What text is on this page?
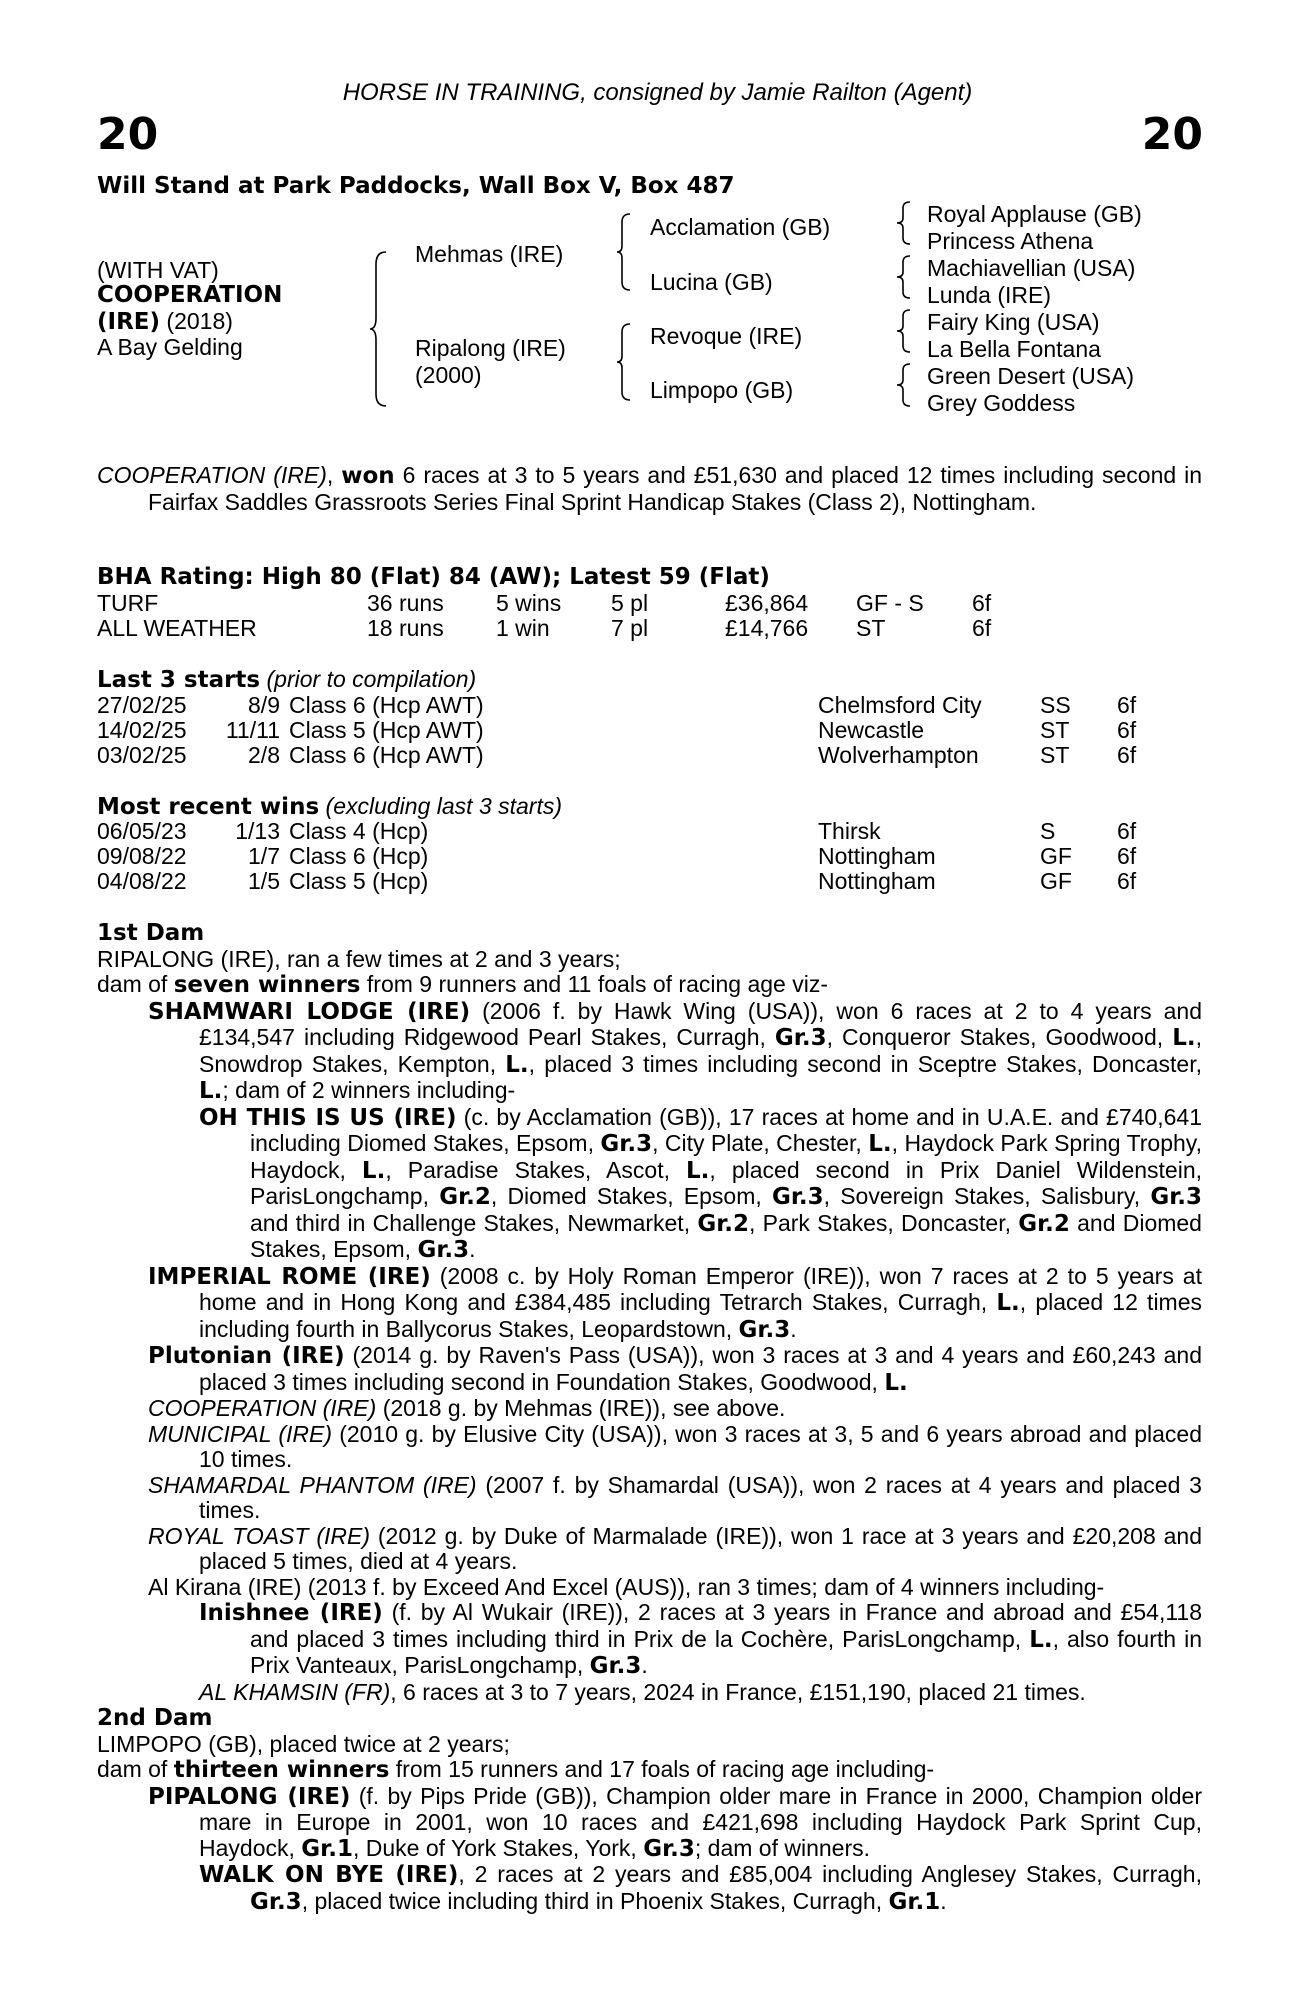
HORSE IN TRAINING, consigned by Jamie Railton (Agent)
20	20
Will Stand at Park Paddocks, Wall Box V, Box 487
(WITH VAT)
COOPERATION
(IRE) (2018)
A Bay Gelding
Mehmas (IRE)
Ripalong (IRE)
(2000)
Acclamation (GB)
Lucina (GB)
Revoque (IRE)
Limpopo (GB)
Royal Applause (GB)
Princess Athena
Machiavellian (USA)
Lunda (IRE)
Fairy King (USA)
La Bella Fontana
Green Desert (USA)
Grey Goddess

COOPERATION (IRE), won 6 races at 3 to 5 years and £51,630 and placed 12 times including second in Fairfax Saddles Grassroots Series Final Sprint Handicap Stakes (Class 2), Nottingham.

BHA Rating: High 80 (Flat) 84 (AW); Latest 59 (Flat)
TURF	36 runs 5 wins 5 pl	£36,864 GF - S 6f
ALL WEATHER	18 runs 1 win	7 pl	£14,766 ST	6f
Last 3 starts (prior to compilation)
27/02/25	8/9 Class 6 (Hcp AWT)	Chelmsford City	SS 6f
14/02/25 11/11 Class 5 (Hcp AWT)	Newcastle	ST 6f
03/02/25	2/8 Class 6 (Hcp AWT)	Wolverhampton	ST 6f
Most recent wins (excluding last 3 starts)
06/05/23 1/13 Class 4 (Hcp)	Thirsk	S	6f
09/08/22	1/7 Class 6 (Hcp)	Nottingham	GF 6f
04/08/22	1/5 Class 5 (Hcp)	Nottingham	GF 6f

1st Dam

RIPALONG (IRE), ran a few times at 2 and 3 years;

dam of seven winners from 9 runners and 11 foals of racing age viz-

SHAMWARI LODGE (IRE) (2006 f. by Hawk Wing (USA)), won 6 races at 2 to 4 years and £134,547 including Ridgewood Pearl Stakes, Curragh, Gr.3, Conqueror Stakes, Goodwood, L., Snowdrop Stakes, Kempton, L., placed 3 times including second in Sceptre Stakes, Doncaster, L.; dam of 2 winners including-

OH THIS IS US (IRE) (c. by Acclamation (GB)), 17 races at home and in U.A.E. and £740,641 including Diomed Stakes, Epsom, Gr.3, City Plate, Chester, L., Haydock Park Spring Trophy, Haydock, L., Paradise Stakes, Ascot, L., placed second in Prix Daniel Wildenstein, ParisLongchamp, Gr.2, Diomed Stakes, Epsom, Gr.3, Sovereign Stakes, Salisbury, Gr.3 and third in Challenge Stakes, Newmarket, Gr.2, Park Stakes, Doncaster, Gr.2 and Diomed Stakes, Epsom, Gr.3.

IMPERIAL ROME (IRE) (2008 c. by Holy Roman Emperor (IRE)), won 7 races at 2 to 5 years at home and in Hong Kong and £384,485 including Tetrarch Stakes, Curragh, L., placed 12 times including fourth in Ballycorus Stakes, Leopardstown, Gr.3.

Plutonian (IRE) (2014 g. by Raven's Pass (USA)), won 3 races at 3 and 4 years and £60,243 and placed 3 times including second in Foundation Stakes, Goodwood, L.

COOPERATION (IRE) (2018 g. by Mehmas (IRE)), see above.

MUNICIPAL (IRE) (2010 g. by Elusive City (USA)), won 3 races at 3, 5 and 6 years abroad and placed 10 times.

SHAMARDAL PHANTOM (IRE) (2007 f. by Shamardal (USA)), won 2 races at 4 years and placed 3 times.

ROYAL TOAST (IRE) (2012 g. by Duke of Marmalade (IRE)), won 1 race at 3 years and £20,208 and placed 5 times, died at 4 years.

Al Kirana (IRE) (2013 f. by Exceed And Excel (AUS)), ran 3 times; dam of 4 winners including-

Inishnee (IRE) (f. by Al Wukair (IRE)), 2 races at 3 years in France and abroad and £54,118 and placed 3 times including third in Prix de la Cochère, ParisLongchamp, L., also fourth in Prix Vanteaux, ParisLongchamp, Gr.3.

AL KHAMSIN (FR), 6 races at 3 to 7 years, 2024 in France, £151,190, placed 21 times.

2nd Dam

LIMPOPO (GB), placed twice at 2 years;

dam of thirteen winners from 15 runners and 17 foals of racing age including-

PIPALONG (IRE) (f. by Pips Pride (GB)), Champion older mare in France in 2000, Champion older mare in Europe in 2001, won 10 races and £421,698 including Haydock Park Sprint Cup, Haydock, Gr.1, Duke of York Stakes, York, Gr.3; dam of winners.

WALK ON BYE (IRE), 2 races at 2 years and £85,004 including Anglesey Stakes, Curragh, Gr.3, placed twice including third in Phoenix Stakes, Curragh, Gr.1.
